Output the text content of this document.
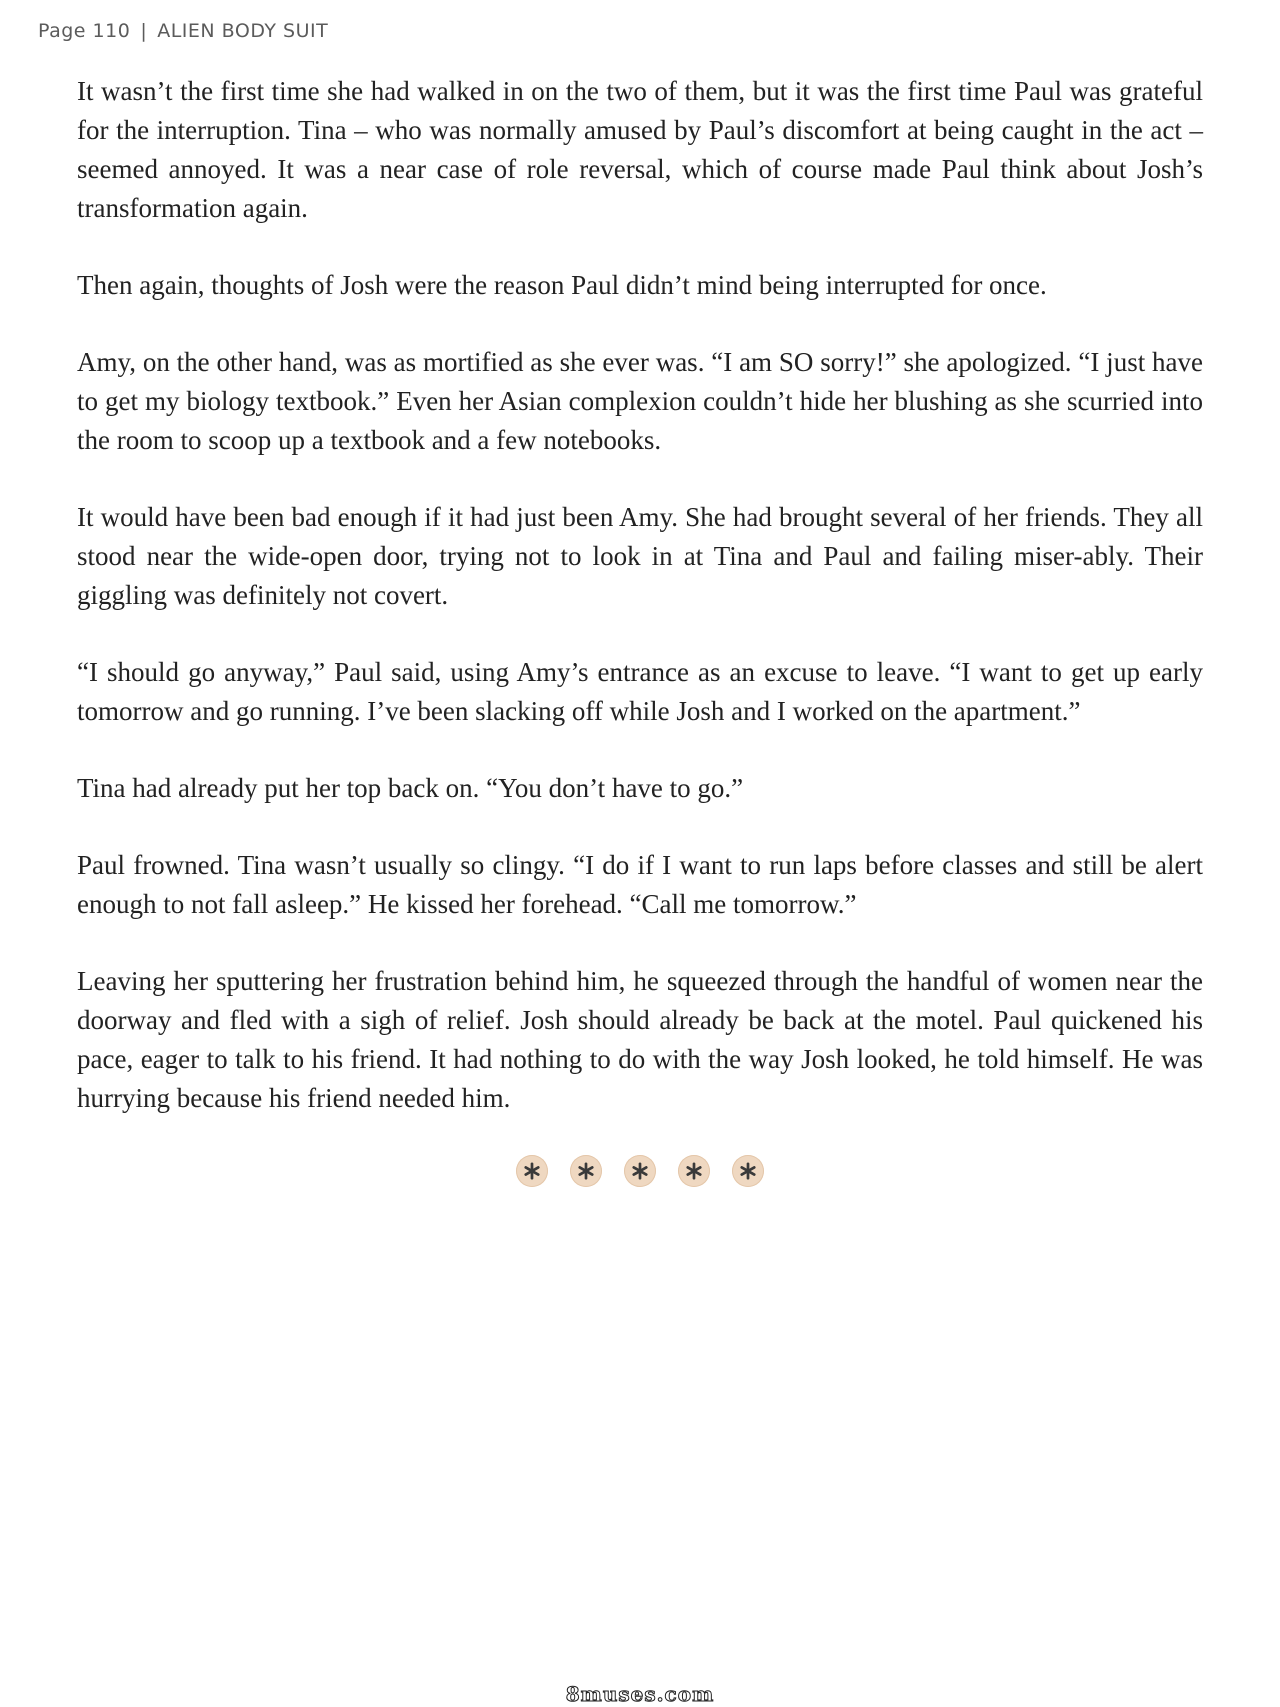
Page 110 | ALIEN BODY SUIT

It wasn’t the first time she had walked in on the two of them, but it was the first time Paul was grateful for the interruption. Tina – who was normally amused by Paul’s discomfort at being caught in the act – seemed annoyed. It was a near case of role reversal, which of course made Paul think about Josh’s transformation again.

Then again, thoughts of Josh were the reason Paul didn’t mind being interrupted for once.

Amy, on the other hand, was as mortified as she ever was. “I am SO sorry!” she apologized. “I just have to get my biology textbook.” Even her Asian complexion couldn’t hide her blushing as she scurried into the room to scoop up a textbook and a few notebooks.

It would have been bad enough if it had just been Amy. She had brought several of her friends. They all stood near the wide-open door, trying not to look in at Tina and Paul and failing miser-ably. Their giggling was definitely not covert.

“I should go anyway,” Paul said, using Amy’s entrance as an excuse to leave. “I want to get up early tomorrow and go running. I’ve been slacking off while Josh and I worked on the apartment.”

Tina had already put her top back on. “You don’t have to go.”

Paul frowned. Tina wasn’t usually so clingy. “I do if I want to run laps before classes and still be alert enough to not fall asleep.” He kissed her forehead. “Call me tomorrow.”

Leaving her sputtering her frustration behind him, he squeezed through the handful of women near the doorway and fled with a sigh of relief. Josh should already be back at the motel. Paul quickened his pace, eager to talk to his friend. It had nothing to do with the way Josh looked, he told himself. He was hurrying because his friend needed him.

8muses.com
